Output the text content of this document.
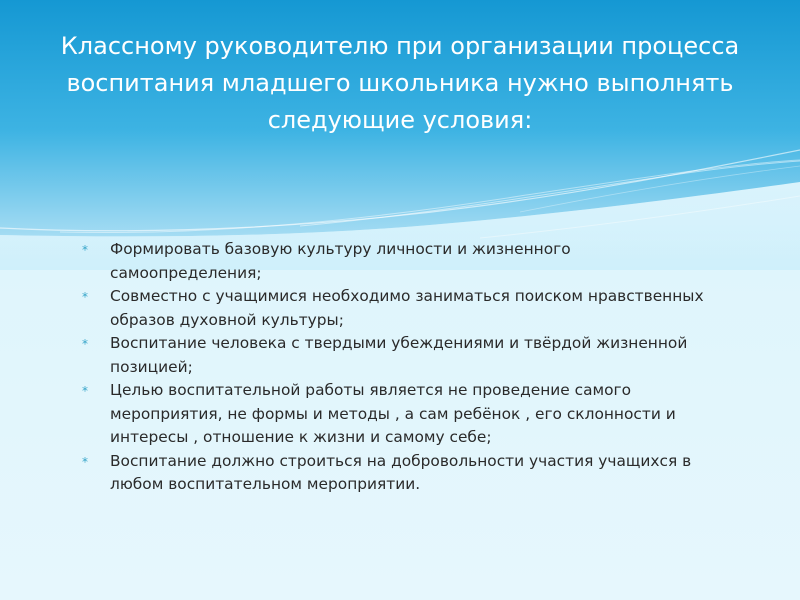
Классному руководителю при организации процесса воспитания младшего школьника нужно выполнять следующие условия:
* Формировать базовую культуру личности и жизненного самоопределения;
* Совместно с учащимися необходимо заниматься поиском нравственных образов духовной культуры;
* Воспитание человека с твердыми убеждениями и твёрдой жизненной позицией;
* Целью воспитательной работы является не проведение самого мероприятия, не формы и методы , а сам ребёнок , его склонности и интересы , отношение к жизни и самому себе;
* Воспитание должно строиться на добровольности участия учащихся в любом воспитательном мероприятии.
